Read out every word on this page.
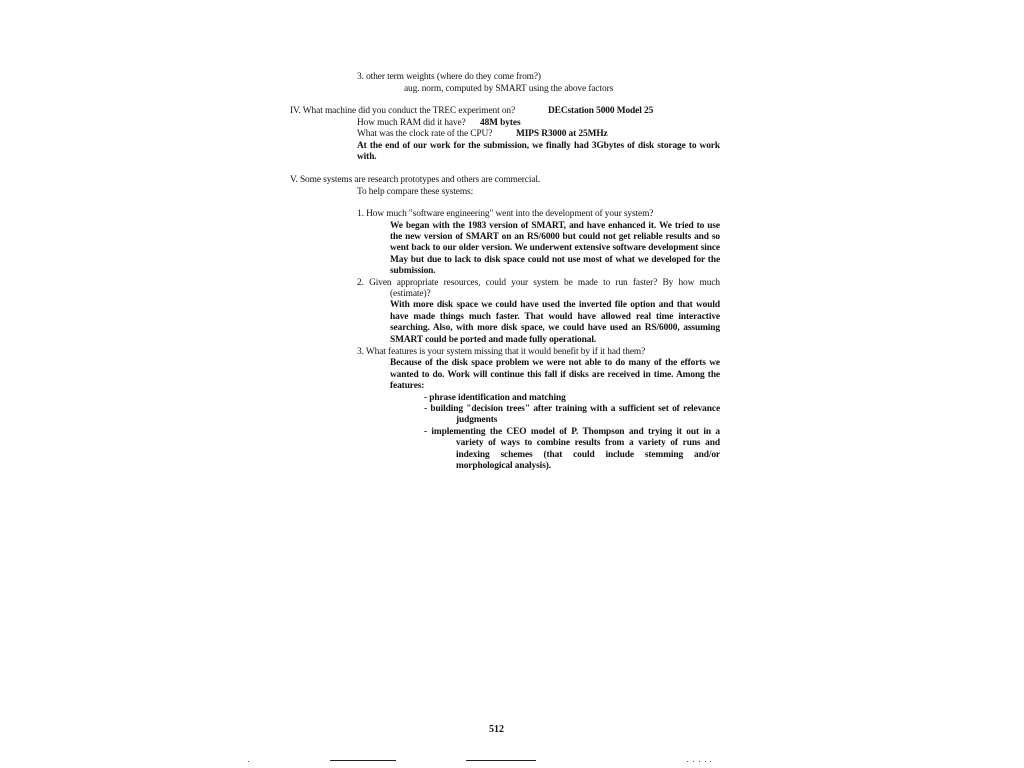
3. other term weights (where do they come from?)
aug. norm, computed by SMART using the above factors
IV. What machine did you conduct the TREC experiment on?	DECstation 5000 Model 25
How much RAM did it have? 48M bytes
What was the clock rate of the CPU?	MIPS R3000 at 25MHz
At the end of our work for the submission, we finally had 3Gbytes of disk storage to work
with.
V. Some systems are research prototypes and others are commercial.
To help compare these systems:
1. How much "software engineering" went into the development of your system?
We began with the 1983 version of SMART, and have enhanced it. We tried to use
the new version of SMART on an RS/6000 but could not get reliable results and so
went back to our older version. We underwent extensive software development since
May but due to lack to disk space could not use most of what we developed for the
submission.
2. Given appropriate resources, could your system be made to run faster? By how much
(estimate)?
With more disk space we could have used the inverted file option and that would
have made things much faster. That would have allowed real time interactive
searching. Also, with more disk space, we could have used an RS/6000, assuming
SMART could be ported and made fully operational.
3. What features is your system missing that it would benefit by if it had them?
Because of the disk space problem we were not able to do many of the efforts we
wanted to do. Work will continue this fall if disks are received in time. Among the
features:
- phrase identification and matching
- building "decision trees" after training with a sufficient set of relevance
judgments
- implementing the CEO model of P. Thompson and trying it out in a
variety of ways to combine results from a variety of runs and
indexing schemes (that could include stemming and/or
morphological analysis).
512
